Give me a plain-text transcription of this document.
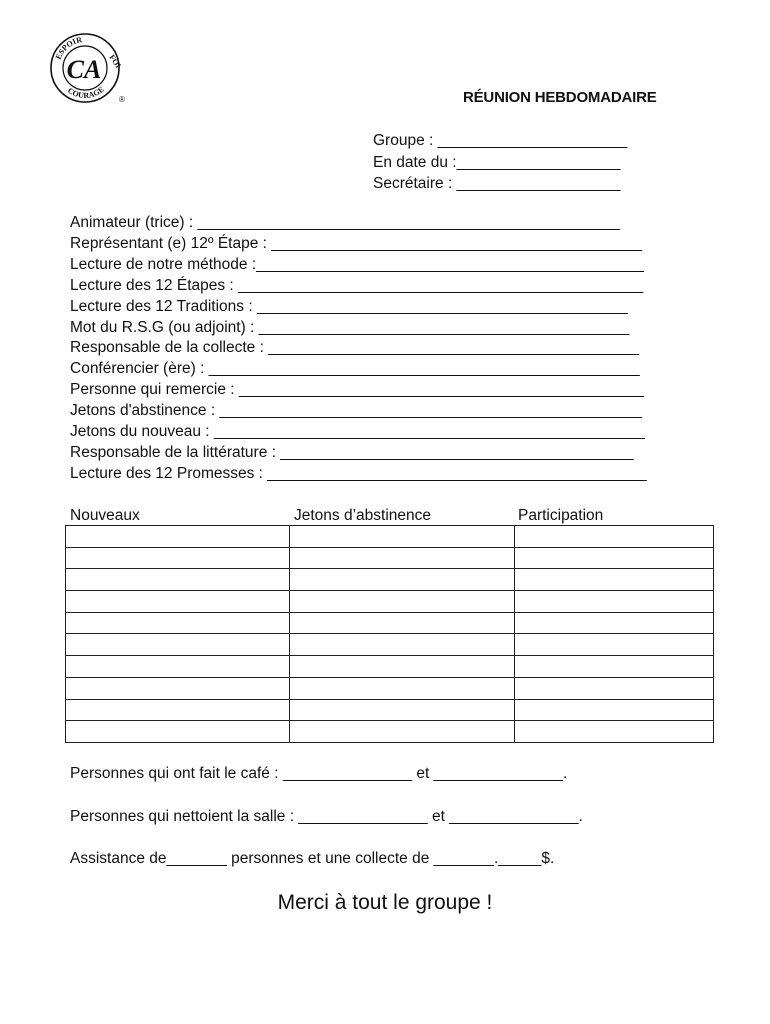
ESPOIR
FOI
COURAGE
CA
®	RÉUNION HEBDOMADAIRE
Groupe : ______________________
En date du :___________________
Secrétaire : ___________________
Animateur (trice) : _________________________________________________
Représentant (e) 12º Étape : ___________________________________________
Lecture de notre méthode :_____________________________________________
Lecture des 12 Étapes : _______________________________________________
Lecture des 12 Traditions : ___________________________________________
Mot du R.S.G (ou adjoint) : ___________________________________________
Responsable de la collecte : ___________________________________________
Conférencier (ère) : __________________________________________________
Personne qui remercie : _______________________________________________
Jetons d'abstinence : _________________________________________________
Jetons du nouveau : __________________________________________________
Responsable de la littérature : _________________________________________
Lecture des 12 Promesses : ____________________________________________
Nouveaux	Jetons d’abstinence	Participation

Personnes qui ont fait le café : _______________ et _______________.
Personnes qui nettoient la salle : _______________ et _______________.
Assistance de_______ personnes et une collecte de _______._____$.
Merci à tout le groupe !
